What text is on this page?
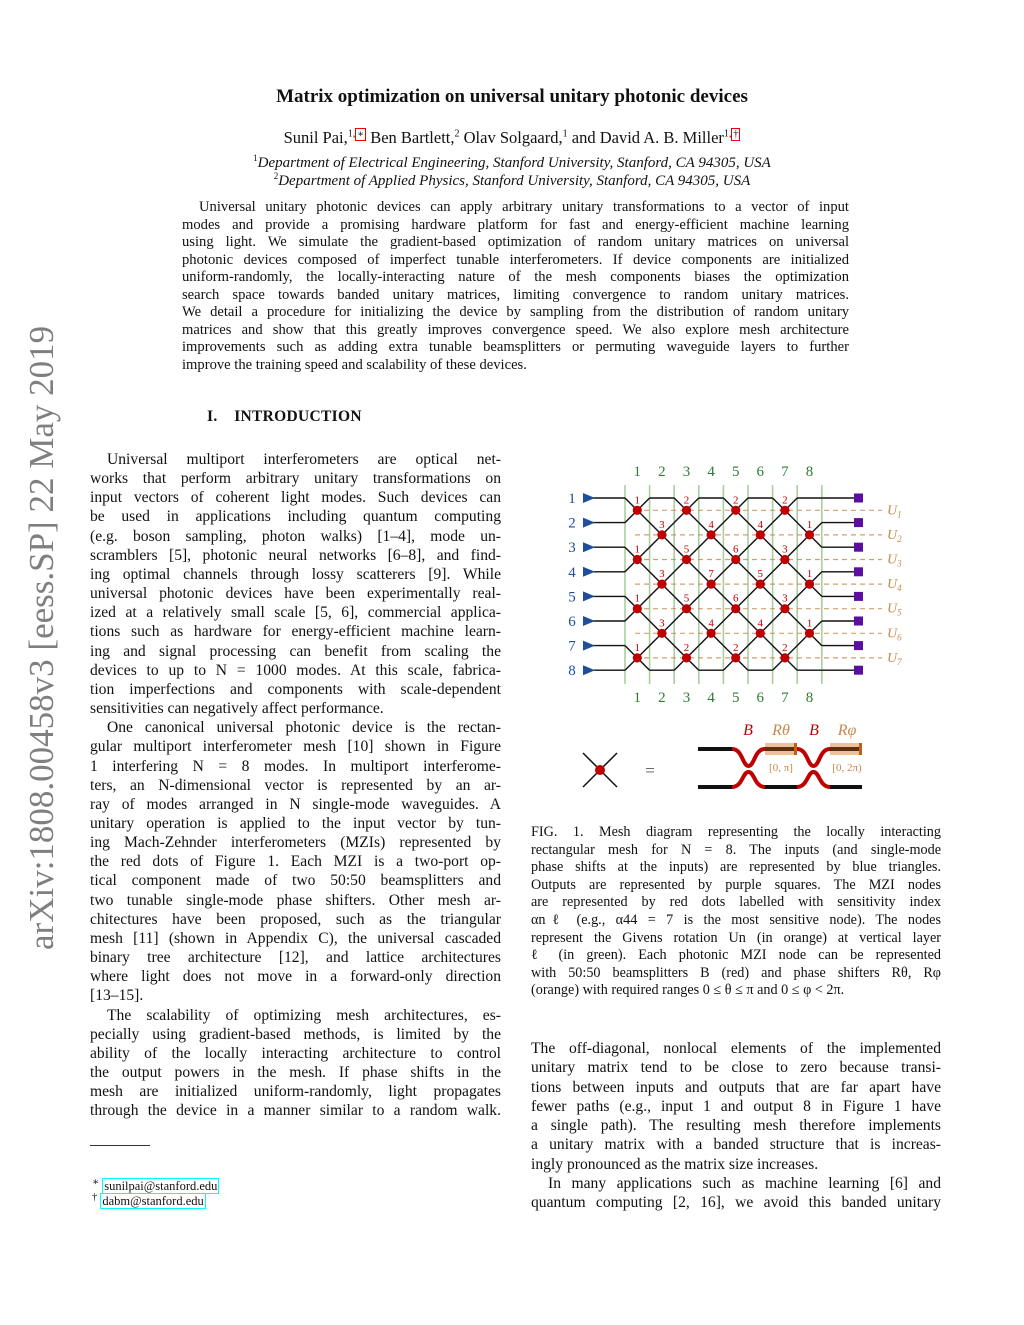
arXiv:1808.00458v3 [eess.SP] 22 May 2019
Matrix optimization on universal unitary photonic devices
Sunil Pai,$^{1,}$ ∗ Ben Bartlett,$^2$ Olav Solgaard,$^1$ and David A. B. Miller$^{1,}$ †
$^1$Department of Electrical Engineering, Stanford University, Stanford, CA 94305, USA
$^2$Department of Applied Physics, Stanford University, Stanford, CA 94305, USA
Universal unitary photonic devices can apply arbitrary unitary transformations to a vector of input
modes and provide a promising hardware platform for fast and energy-efficient machine learning
using light. We simulate the gradient-based optimization of random unitary matrices on universal
photonic devices composed of imperfect tunable interferometers. If device components are initialized
uniform-randomly, the locally-interacting nature of the mesh components biases the optimization
search space towards banded unitary matrices, limiting convergence to random unitary matrices.
We detail a procedure for initializing the device by sampling from the distribution of random unitary
matrices and show that this greatly improves convergence speed. We also explore mesh architecture
improvements such as adding extra tunable beamsplitters or permuting waveguide layers to further
improve the training speed and scalability of these devices.
I.    INTRODUCTION
Universal multiport interferometers are optical net-
works that perform arbitrary unitary transformations on
input vectors of coherent light modes. Such devices can
be used in applications including quantum computing
(e.g. boson sampling, photon walks) [1–4], mode un-
scramblers [5], photonic neural networks [6–8], and find-
ing optimal channels through lossy scatterers [9]. While
universal photonic devices have been experimentally real-
ized at a relatively small scale [5, 6], commercial applica-
tions such as hardware for energy-efficient machine learn-
ing and signal processing can benefit from scaling the
devices to up to N = 1000 modes. At this scale, fabrica-
tion imperfections and components with scale-dependent
sensitivities can negatively affect performance.
One canonical universal photonic device is the rectan-
gular multiport interferometer mesh [10] shown in Figure
1 interfering N = 8 modes. In multiport interferome-
ters, an N-dimensional vector is represented by an ar-
ray of modes arranged in N single-mode waveguides. A
unitary operation is applied to the input vector by tun-
ing Mach-Zehnder interferometers (MZIs) represented by
the red dots of Figure 1. Each MZI is a two-port op-
tical component made of two 50:50 beamsplitters and
two tunable single-mode phase shifters. Other mesh ar-
chitectures have been proposed, such as the triangular
mesh [11] (shown in Appendix C), the universal cascaded
binary tree architecture [12], and lattice architectures
where light does not move in a forward-only direction
[13–15].
The scalability of optimizing mesh architectures, es-
pecially using gradient-based methods, is limited by the
ability of the locally interacting architecture to control
the output powers in the mesh. If phase shifts in the
mesh are initialized uniform-randomly, light propagates
through the device in a manner similar to a random walk.
FIG. 1. Mesh diagram representing the locally interacting
rectangular mesh for N = 8. The inputs (and single-mode
phase shifts at the inputs) are represented by blue triangles.
Outputs are represented by purple squares. The MZI nodes
are represented by red dots labelled with sensitivity index
αnℓ (e.g., α44 = 7 is the most sensitive node). The nodes
represent the Givens rotation Un (in orange) at vertical layer
ℓ (in green). Each photonic MZI node can be represented
with 50:50 beamsplitters B (red) and phase shifters Rθ, Rφ
(orange) with required ranges 0 ≤ θ ≤ π and 0 ≤ φ < 2π.
The off-diagonal, nonlocal elements of the implemented
unitary matrix tend to be close to zero because transi-
tions between inputs and outputs that are far apart have
fewer paths (e.g., input 1 and output 8 in Figure 1 have
a single path). The resulting mesh therefore implements
a unitary matrix with a banded structure that is increas-
ingly pronounced as the matrix size increases.
In many applications such as machine learning [6] and
quantum computing [2, 16], we avoid this banded unitary
∗ sunilpai@stanford.edu
† dabm@stanford.edu
$U_1$
$U_2$
$U_3$
$U_4$
$U_5$
$U_6$
$U_7$
1
1
1
1
3
3
3
2
5
5
2
4
7
4
2
6
6
2
4
5
4
2
3
3
2
1
1
1
1
1
2
2
3
3
4
4
5
5
6
6
7
7
8
8
1
2
3
4
5
6
7
8
=
B Rθ B Rφ
[0, π]	[0, 2π)
